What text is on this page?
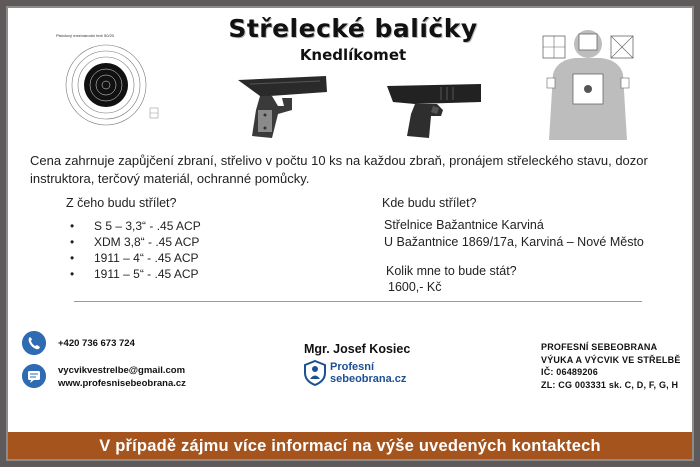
Střelecké balíčky
Knedlíkomet
Pistolový mezinárodní terč 50/20
Cena zahrnuje zapůjčení zbraní, střelivo v počtu 10 ks na každou zbraň, pronájem střeleckého stavu, dozor instruktora, terčový materiál, ochranné pomůcky.
Z čeho budu střílet?
• S 5 – 3,3“ - .45 ACP
• XDM 3,8“ - .45 ACP
• 1911 – 4“ - .45 ACP
• 1911 – 5“ - .45 ACP
Kde budu střílet?
Střelnice Bažantnice Karviná
U Bažantnice 1869/17a, Karviná – Nové Město
Kolik mne to bude stát?
1600,- Kč
+420 736 673 724
vycvikvestrelbe@gmail.com
www.profesnisebeobrana.cz
Mgr. Josef Kosiec
Profesní
sebeobrana.cz
PROFESNÍ SEBEOBRANA
VÝUKA A VÝCVIK VE STŘELBĚ
IČ: 06489206
ZL: CG 003331 sk. C, D, F, G, H
V případě zájmu více informací na výše uvedených kontaktech
